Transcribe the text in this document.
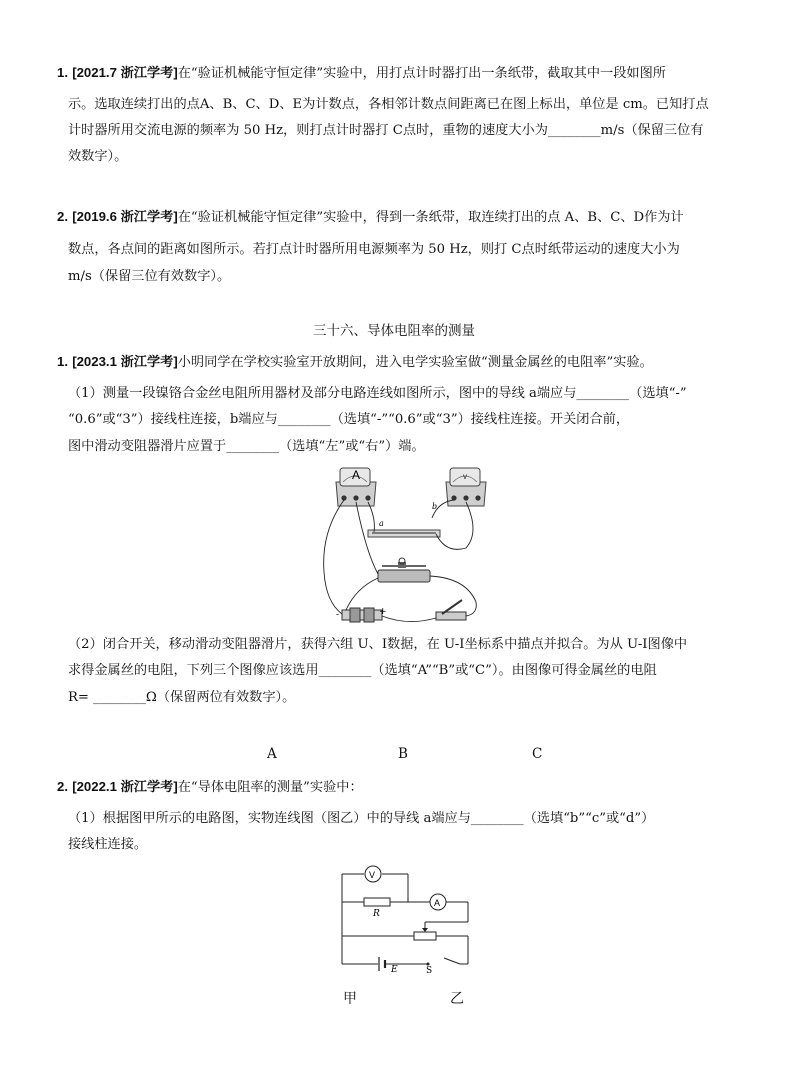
1. [2021.7 浙江学考]在“验证机械能守恒定律”实验中，用打点计时器打出一条纸带，截取其中一段如图所
示。选取连续打出的点A、B、C、D、E为计数点，各相邻计数点间距离已在图上标出，单位是 cm。已知打点
计时器所用交流电源的频率为 50 Hz，则打点计时器打 C点时，重物的速度大小为________m/s（保留三位有
效数字）。
2. [2019.6 浙江学考]在“验证机械能守恒定律”实验中，得到一条纸带，取连续打出的点 A、B、C、D作为计
数点，各点间的距离如图所示。若打点计时器所用电源频率为 50 Hz，则打 C点时纸带运动的速度大小为
m/s（保留三位有效数字）。
三十六、导体电阻率的测量
1. [2023.1 浙江学考]小明同学在学校实验室开放期间，进入电学实验室做“测量金属丝的电阻率”实验。
（1）测量一段镍铬合金丝电阻所用器材及部分电路连线如图所示，图中的导线 a端应与________（选填“-”
“0.6”或“3”）接线柱连接，b端应与________（选填“-”“0.6”或“3”）接线柱连接。开关闭合前，
图中滑动变阻器滑片应置于________（选填“左”或“右”）端。
A	V
a
b
-	+
（2）闭合开关，移动滑动变阻器滑片，获得六组 U、I数据，在 U-I坐标系中描点并拟合。为从 U-I图像中
求得金属丝的电阻，下列三个图像应该选用________（选填“A”“B”或“C”）。由图像可得金属丝的电阻
R= ________Ω（保留两位有效数字）。
A	B	C
2. [2022.1 浙江学考]在“导体电阻率的测量”实验中：
（1）根据图甲所示的电路图，实物连线图（图乙）中的导线 a端应与________（选填“b”“c”或“d”）
接线柱连接。
V
R
A
E	S
甲	乙
